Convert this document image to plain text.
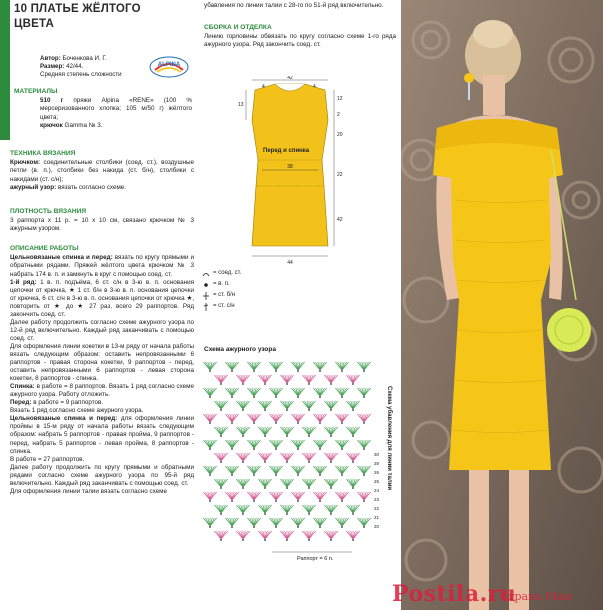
10 ПЛАТЬЕ ЖЁЛТОГО ЦВЕТА
Автор: Боченкова И. Г.
Размер: 42/44.
Средняя степень сложности
ALPINA
МАТЕРИАЛЫ
510 г пряжи Alpina «RENE» (100 % мерсеризованного хлопка; 105 м/50 г) жёлтого цвета;
крючок Gamma № 3.
ТЕХНИКА ВЯЗАНИЯ
Крючком: соединительные столбики (соед. ст.), воздушные петли (в. п.), столбики без накида (ст. б/н), столбики с накидами (ст. с/н);
ажурный узор: вязать согласно схеме.
ПЛОТНОСТЬ ВЯЗАНИЯ
3 раппорта х 11 р. = 10 х 10 см, связано крючком № 3 ажурным узором.
ОПИСАНИЕ РАБОТЫ
Цельновязаные спинка и перед: вязать по кругу прямыми и обратными рядами. Пряжей жёлтого цвета крючком № 3 набрать 174 в. п. и замкнуть в круг с помощью соед. ст.
1-й ряд: 1 в. п. подъёма, 6 ст. с/н в 3-ю в. п. основания цепочки от крючка, ★ 1 ст. б/н в 3-ю в. п. основания цепочки от крючка, 6 ст. с/н в 3-ю в. п. основания цепочки от крючка ★, повторить от ★ до ★ 27 раз, всего 29 раппортов. Ряд закончить соед. ст.
Далее работу продолжить согласно схеме ажурного узора по 12-й ряд включительно. Каждый ряд заканчивать с помощью соед. ст.
Для оформления линии кокетки в 13-м ряду от начала работы вязать следующим образом: оставить непровязанными 6 раппортов - правая сторона кокетки, 9 раппортов - перед, оставить непровязанными 6 раппортов - левая сторона кокетки, 8 раппортов - спинка.
Спинка: в работе = 8 раппортов. Вязать 1 ряд согласно схеме ажурного узора. Работу отложить.
Перед: в работе = 9 раппортов.
Вязать 1 ряд согласно схеме ажурного узора.
Цельновязаные спинка и перед: для оформления линии проймы в 15-м ряду от начала работы вязать следующим образом: набрать 5 раппортов - правая пройма, 9 раппортов - перед, набрать 5 раппортов - левая пройма, 8 раппортов - спинка.
В работе = 27 раппортов.
Далее работу продолжить по кругу прямыми и обратными рядами согласно схеме ажурного узора по 95-й ряд включительно. Каждый ряд заканчивать с помощью соед. ст.
Для оформления линии талии вязать согласно схеме
убавления по линии талии с 28-го по 51-й ряд включительно.
СБОРКА И ОТДЕЛКА
Линию горловины обвязать по кругу согласно схеме 1-го ряда ажурного узора. Ряд закончить соед. ст.
42
4	4
Перед и спинка
38
44
12
2
20
22
42
13
= соед. ст.
= в. п.
= ст. б/н
= ст. с/н
Схема ажурного узора
30
28
26
25
24
23
22
21
20
Схема убавления для линии талии
Раппорт = 6 п.
Postila.ru
Страна Мам
